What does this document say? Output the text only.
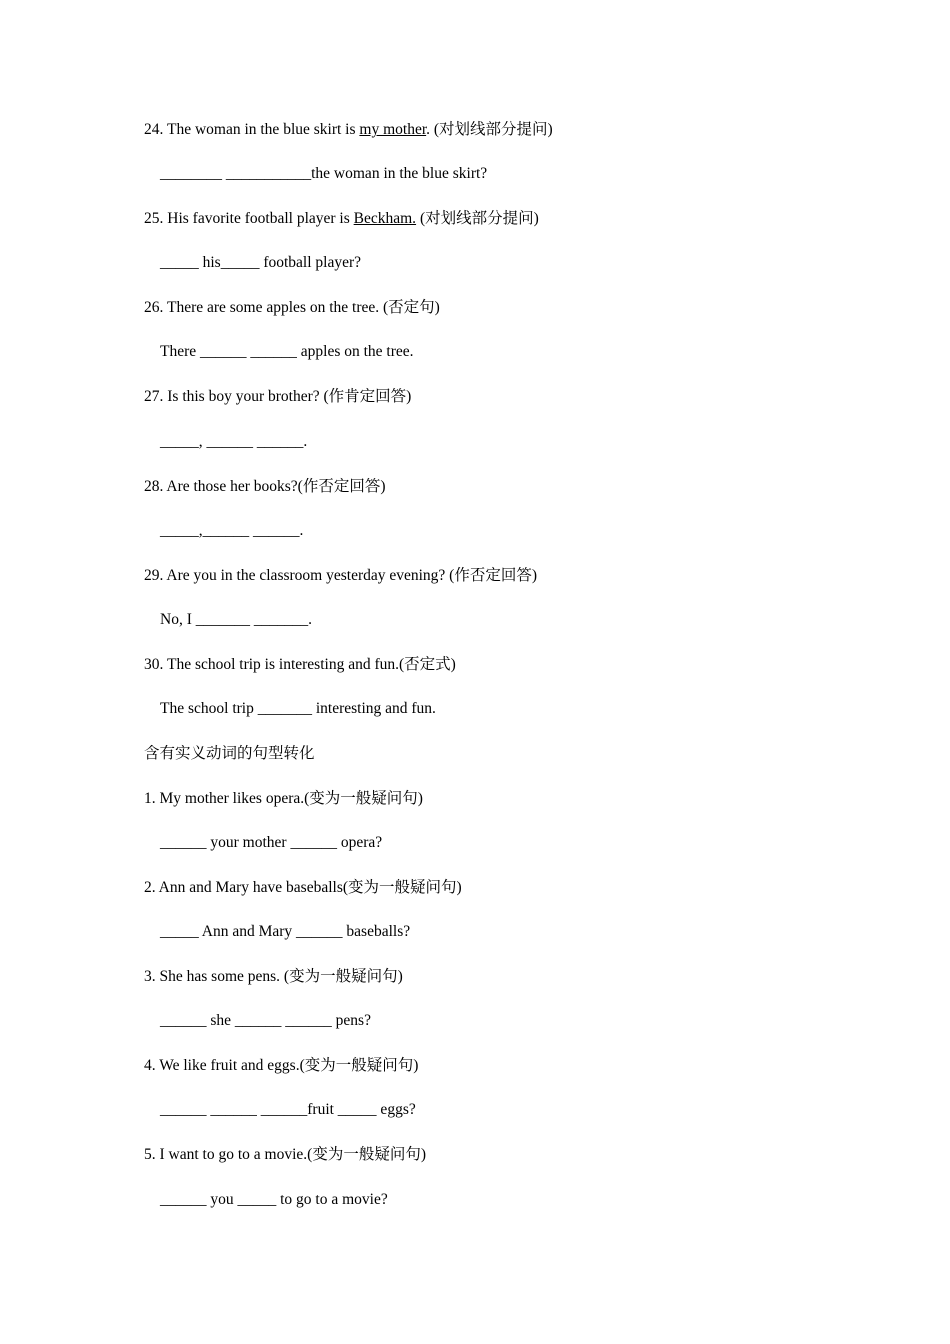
24. The woman in the blue skirt is my mother. (对划线部分提问)

________ ___________the woman in the blue skirt?

25. His favorite football player is Beckham. (对划线部分提问)

_____ his_____ football player?

26. There are some apples on the tree. (否定句)

There ______ ______ apples on the tree.

27. Is this boy your brother? (作肯定回答)

_____, ______ ______.

28. Are those her books?(作否定回答)

_____,______ ______.

29. Are you in the classroom yesterday evening? (作否定回答)

No, I _______ _______.

30. The school trip is interesting and fun.(否定式)

The school trip _______ interesting and fun.

含有实义动词的句型转化

1. My mother likes opera.(变为一般疑问句)

______ your mother ______ opera?

2. Ann and Mary have baseballs(变为一般疑问句)

_____ Ann and Mary ______ baseballs?

3. She has some pens. (变为一般疑问句)

______ she ______ ______ pens?

4. We like fruit and eggs.(变为一般疑问句)

______ ______ ______fruit _____ eggs?

5. I want to go to a movie.(变为一般疑问句)

______ you _____ to go to a movie?
